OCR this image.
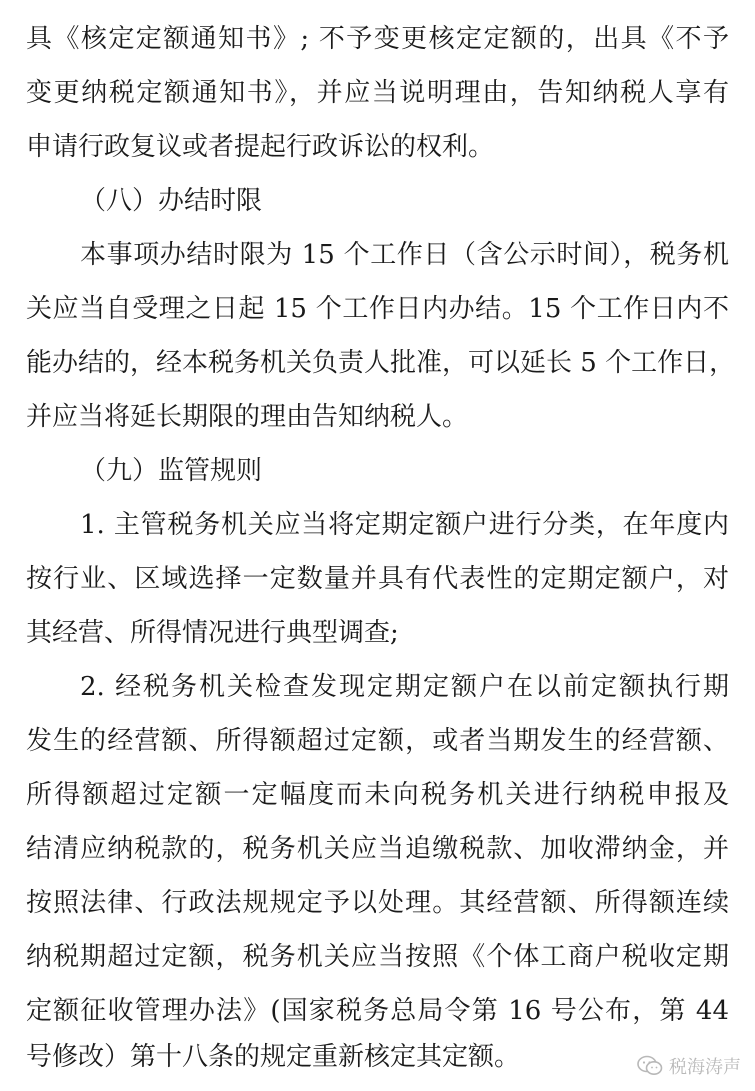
具《核定定额通知书》; 不予变更核定定额的，出具《不予
变更纳税定额通知书》，并应当说明理由，告知纳税人享有
申请行政复议或者提起行政诉讼的权利。
（八）办结时限
本事项办结时限为 15 个工作日（含公示时间），税务机
关应当自受理之日起 15 个工作日内办结。15 个工作日内不
能办结的，经本税务机关负责人批准，可以延长 5 个工作日，
并应当将延长期限的理由告知纳税人。
（九）监管规则
1. 主管税务机关应当将定期定额户进行分类，在年度内
按行业、区域选择一定数量并具有代表性的定期定额户，对
其经营、所得情况进行典型调查;
2. 经税务机关检查发现定期定额户在以前定额执行期
发生的经营额、所得额超过定额，或者当期发生的经营额、
所得额超过定额一定幅度而未向税务机关进行纳税申报及
结清应纳税款的，税务机关应当追缴税款、加收滞纳金，并
按照法律、行政法规规定予以处理。其经营额、所得额连续
纳税期超过定额，税务机关应当按照《个体工商户税收定期
定额征收管理办法》(国家税务总局令第 16 号公布，第 44
号修改）第十八条的规定重新核定其定额。	税海涛声
